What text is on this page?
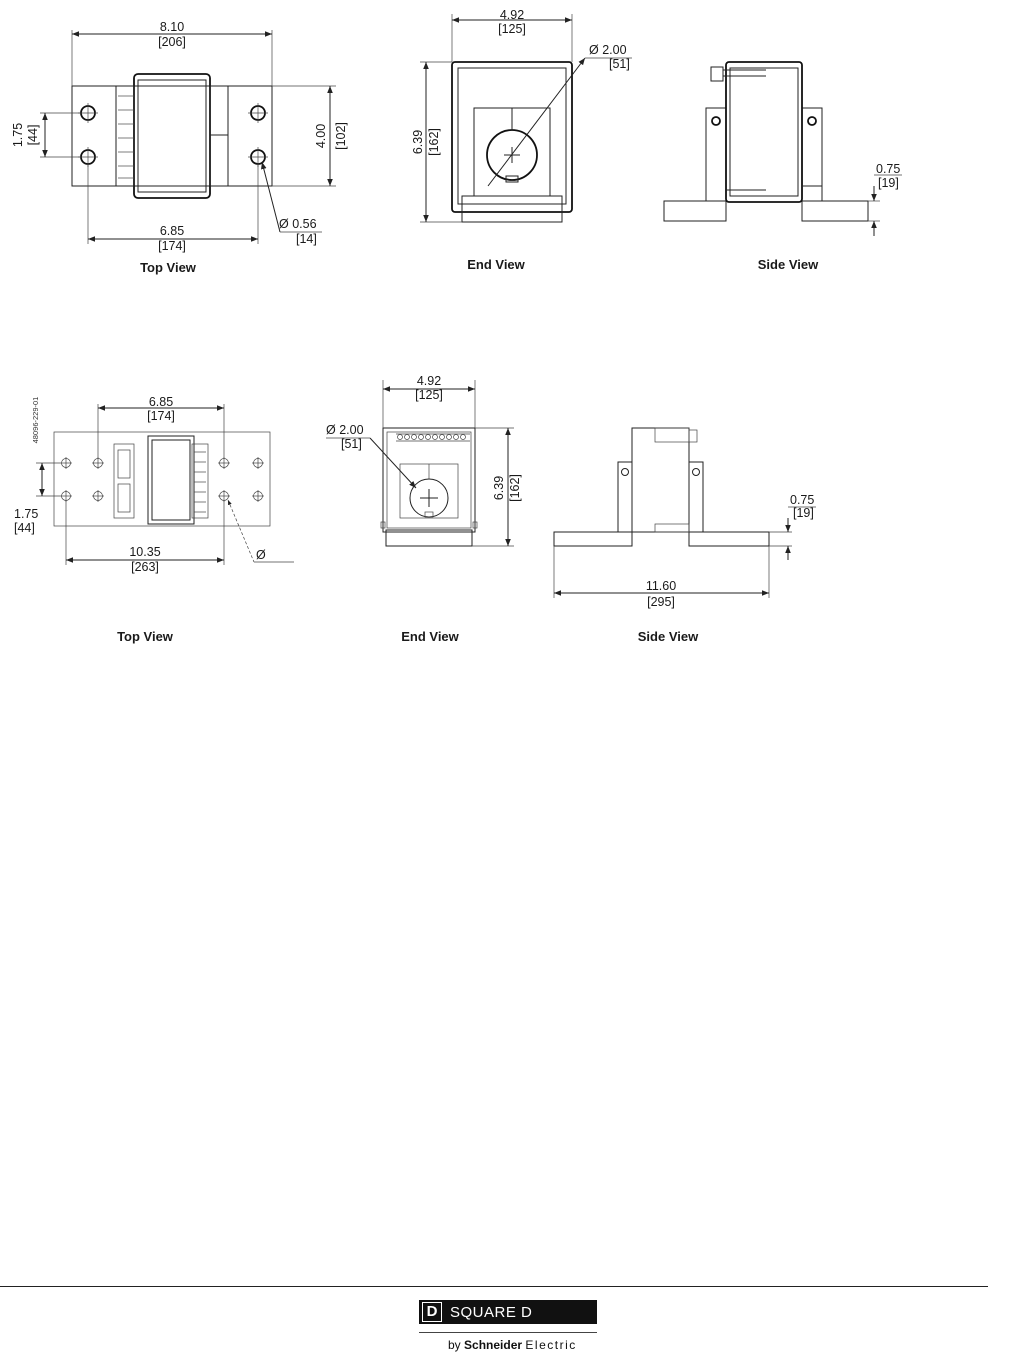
8.10
[206]
1.75 [44]	4.00 [102]
6.85
[174]
Ø 0.56
[14]
Top View
Ø 2.00
[51]
4.92
[125]
6.39 [162]
End View
0.75
[19]
Side View
48096-229-01	6.85
[174]
1.75
[44]
10.35
[263]
Ø
Top View
Ø 2.00
[51]
4.92
[125]
6.39 [162]
End View
0.75
[19]
11.60
[295]
Side View
D SQUARE D
by Schneider Electric
